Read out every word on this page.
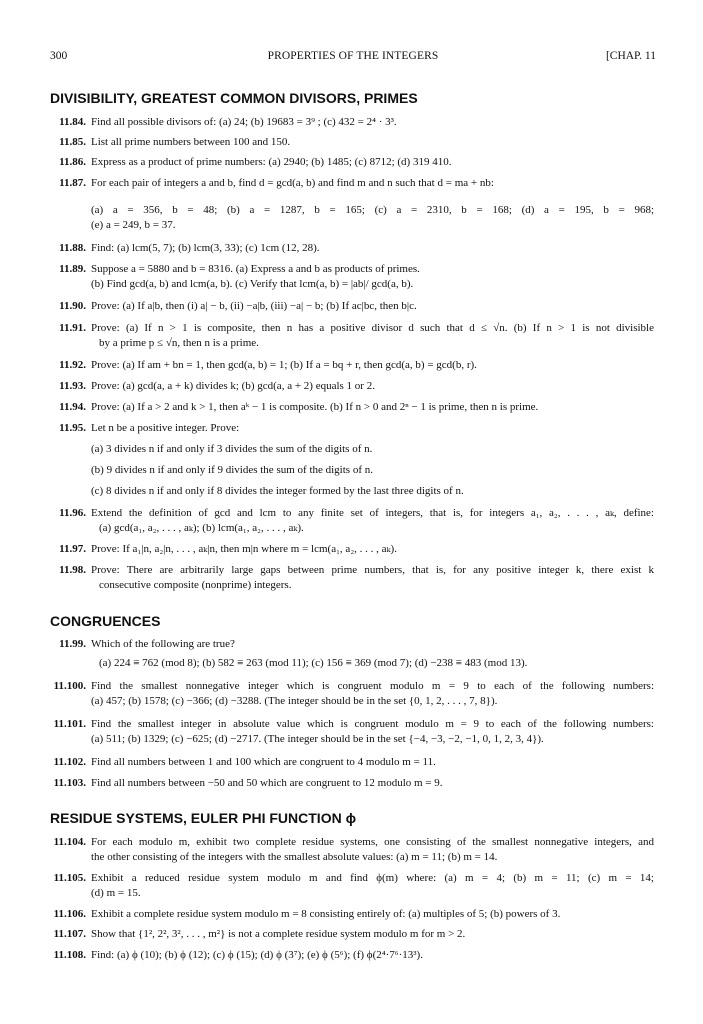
300	PROPERTIES OF THE INTEGERS	[CHAP. 11
DIVISIBILITY, GREATEST COMMON DIVISORS, PRIMES
11.84. Find all possible divisors of: (a) 24; (b) 19683 = 3⁹ ; (c) 432 = 2⁴ · 3³.
11.85. List all prime numbers between 100 and 150.
11.86. Express as a product of prime numbers: (a) 2940; (b) 1485; (c) 8712; (d) 319 410.
11.87. For each pair of integers a and b, find d = gcd(a, b) and find m and n such that d = ma + nb:
(a) a = 356, b = 48; (b) a = 1287, b = 165; (c) a = 2310, b = 168; (d) a = 195, b = 968;
(e) a = 249, b = 37.
11.88. Find: (a) lcm(5, 7); (b) lcm(3, 33); (c) 1cm (12, 28).
11.89. Suppose a = 5880 and b = 8316. (a) Express a and b as products of primes.
(b) Find gcd(a, b) and lcm(a, b). (c) Verify that lcm(a, b) = |ab|/ gcd(a, b).
11.90. Prove: (a) If a|b, then (i) a| − b, (ii) −a|b, (iii) −a| − b; (b) If ac|bc, then b|c.
11.91. Prove: (a) If n > 1 is composite, then n has a positive divisor d such that d ≤ √n. (b) If n > 1 is not divisible
by a prime p ≤ √n, then n is a prime.
11.92. Prove: (a) If am + bn = 1, then gcd(a, b) = 1; (b) If a = bq + r, then gcd(a, b) = gcd(b, r).
11.93. Prove: (a) gcd(a, a + k) divides k; (b) gcd(a, a + 2) equals 1 or 2.
11.94. Prove: (a) If a > 2 and k > 1, then aᵏ − 1 is composite. (b) If n > 0 and 2ⁿ − 1 is prime, then n is prime.
11.95. Let n be a positive integer. Prove:
(a) 3 divides n if and only if 3 divides the sum of the digits of n.
(b) 9 divides n if and only if 9 divides the sum of the digits of n.
(c) 8 divides n if and only if 8 divides the integer formed by the last three digits of n.
11.96. Extend the definition of gcd and lcm to any finite set of integers, that is, for integers a₁, a₂, . . . , aₖ, define:
(a) gcd(a₁, a₂, . . . , aₖ); (b) lcm(a₁, a₂, . . . , aₖ).
11.97. Prove: If a₁|n, a₂|n, . . . , aₖ|n, then m|n where m = lcm(a₁, a₂, . . . , aₖ).
11.98. Prove: There are arbitrarily large gaps between prime numbers, that is, for any positive integer k, there exist k
consecutive composite (nonprime) integers.
CONGRUENCES
11.99. Which of the following are true?
(a) 224 ≡ 762 (mod 8); (b) 582 ≡ 263 (mod 11); (c) 156 ≡ 369 (mod 7); (d) −238 ≡ 483 (mod 13).
11.100. Find the smallest nonnegative integer which is congruent modulo m = 9 to each of the following numbers:
(a) 457; (b) 1578; (c) −366; (d) −3288. (The integer should be in the set {0, 1, 2, . . . , 7, 8}).
11.101. Find the smallest integer in absolute value which is congruent modulo m = 9 to each of the following numbers:
(a) 511; (b) 1329; (c) −625; (d) −2717. (The integer should be in the set {−4, −3, −2, −1, 0, 1, 2, 3, 4}).
11.102. Find all numbers between 1 and 100 which are congruent to 4 modulo m = 11.
11.103. Find all numbers between −50 and 50 which are congruent to 12 modulo m = 9.
RESIDUE SYSTEMS, EULER PHI FUNCTION ϕ
11.104. For each modulo m, exhibit two complete residue systems, one consisting of the smallest nonnegative integers, and
the other consisting of the integers with the smallest absolute values: (a) m = 11; (b) m = 14.
11.105. Exhibit a reduced residue system modulo m and find ϕ(m) where: (a) m = 4; (b) m = 11; (c) m = 14;
(d) m = 15.
11.106. Exhibit a complete residue system modulo m = 8 consisting entirely of: (a) multiples of 5; (b) powers of 3.
11.107. Show that {1², 2², 3², . . . , m²} is not a complete residue system modulo m for m > 2.
11.108. Find: (a) ϕ (10); (b) ϕ (12); (c) ϕ (15); (d) ϕ (3⁷); (e) ϕ (5⁶); (f) ϕ(2⁴·7⁶·13³).
